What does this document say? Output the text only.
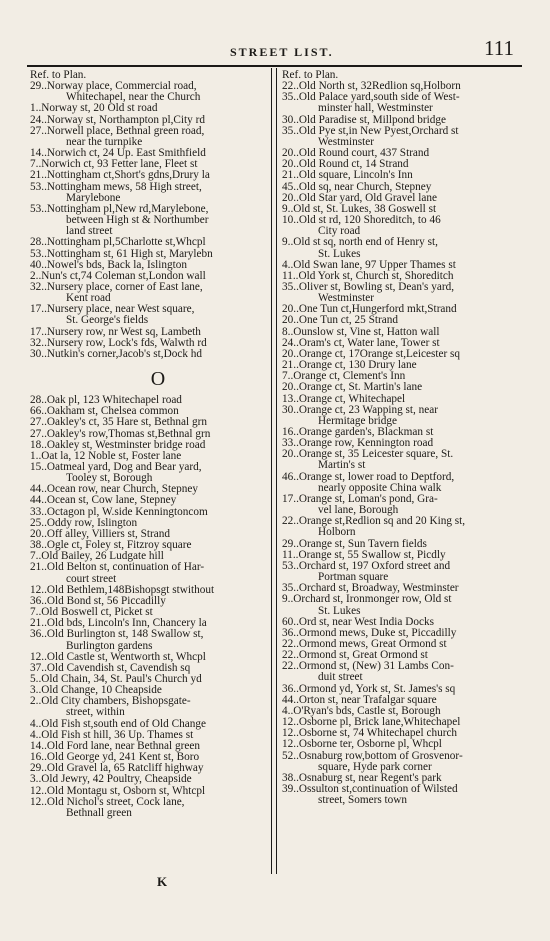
STREET LIST.	111
Ref. to Plan.
29..Norway place, Commercial road,
Whitechapel, near the Church
1..Norway st, 20 Old st road
24..Norway st, Northampton pl,City rd
27..Norwell place, Bethnal green road,
near the turnpike
14..Norwich ct, 24 Up. East Smithfield
7..Norwich ct, 93 Fetter lane, Fleet st
21..Nottingham ct,Short's gdns,Drury la
53..Nottingham mews, 58 High street,
Marylebone
53..Nottingham pl,New rd,Marylebone,
between High st & Northumber
land street
28..Nottingham pl,5Charlotte st,Whcpl
53..Nottingham st, 61 High st, Marylebn
40..Nowel's bds, Back la, Islington
2..Nun's ct,74 Coleman st,London wall
32..Nursery place, corner of East lane,
Kent road
17..Nursery place, near West square,
St. George's fields
17..Nursery row, nr West sq, Lambeth
32..Nursery row, Lock's fds, Walwth rd
30..Nutkin's corner,Jacob's st,Dock hd
O
28..Oak pl, 123 Whitechapel road
66..Oakham st, Chelsea common
27..Oakley's ct, 35 Hare st, Bethnal grn
27..Oakley's row,Thomas st,Bethnal grn
18..Oakley st, Westminster bridge road
1..Oat la, 12 Noble st, Foster lane
15..Oatmeal yard, Dog and Bear yard,
Tooley st, Borough
44..Ocean row, near Church, Stepney
44..Ocean st, Cow lane, Stepney
33..Octagon pl, W.side Kenningtoncom
25..Oddy row, Islington
20..Off alley, Villiers st, Strand
38..Ogle ct, Foley st, Fitzroy square
7..Old Bailey, 26 Ludgate hill
21..Old Belton st, continuation of Har-
court street
12..Old Bethlem,148Bishopsgt stwithout
36..Old Bond st, 56 Piccadilly
7..Old Boswell ct, Picket st
21..Old bds, Lincoln's Inn, Chancery la
36..Old Burlington st, 148 Swallow st,
Burlington gardens
12..Old Castle st, Wentworth st, Whcpl
37..Old Cavendish st, Cavendish sq
5..Old Chain, 34, St. Paul's Church yd
3..Old Change, 10 Cheapside
2..Old City chambers, Bishopsgate-
street, within
4..Old Fish st,south end of Old Change
4..Old Fish st hill, 36 Up. Thames st
14..Old Ford lane, near Bethnal green
16..Old George yd, 241 Kent st, Boro
29..Old Gravel la, 65 Ratcliff highway
3..Old Jewry, 42 Poultry, Cheapside
12..Old Montagu st, Osborn st, Whtcpl
12..Old Nichol's street, Cock lane,
Bethnall green
Ref. to Plan.
22..Old North st, 32Redlion sq,Holborn
35..Old Palace yard,south side of West-
minster hall, Westminster
30..Old Paradise st, Millpond bridge
35..Old Pye st,in New Pyest,Orchard st
Westminster
20..Old Round court, 437 Strand
20..Old Round ct, 14 Strand
21..Old square, Lincoln's Inn
45..Old sq, near Church, Stepney
20..Old Star yard, Old Gravel lane
9..Old st, St. Lukes, 38 Goswell st
10..Old st rd, 120 Shoreditch, to 46
City road
9..Old st sq, north end of Henry st,
St. Lukes
4..Old Swan lane, 97 Upper Thames st
11..Old York st, Church st, Shoreditch
35..Oliver st, Bowling st, Dean's yard,
Westminster
20..One Tun ct,Hungerford mkt,Strand
20..One Tun ct, 25 Strand
8..Ounslow st, Vine st, Hatton wall
24..Oram's ct, Water lane, Tower st
20..Orange ct, 17Orange st,Leicester sq
21..Orange ct, 130 Drury lane
7..Orange ct, Clement's Inn
20..Orange ct, St. Martin's lane
13..Orange ct, Whitechapel
30..Orange ct, 23 Wapping st, near
Hermitage bridge
16..Orange garden's, Blackman st
33..Orange row, Kennington road
20..Orange st, 35 Leicester square, St.
Martin's st
46..Orange st, lower road to Deptford,
nearly opposite China walk
17..Orange st, Loman's pond, Gra-
vel lane, Borough
22..Orange st,Redlion sq and 20 King st,
Holborn
29..Orange st, Sun Tavern fields
11..Orange st, 55 Swallow st, Picdly
53..Orchard st, 197 Oxford street and
Portman square
35..Orchard st, Broadway, Westminster
9..Orchard st, Ironmonger row, Old st
St. Lukes
60..Ord st, near West India Docks
36..Ormond mews, Duke st, Piccadilly
22..Ormond mews, Great Ormond st
22..Ormond st, Great Ormond st
22..Ormond st, (New) 31 Lambs Con-
duit street
36..Ormond yd, York st, St. James's sq
44..Orton st, near Trafalgar square
4..O'Ryan's bds, Castle st, Borough
12..Osborne pl, Brick lane,Whitechapel
12..Osborne st, 74 Whitechapel church
12..Osborne ter, Osborne pl, Whcpl
52..Osnaburg row,bottom of Grosvenor-
square, Hyde park corner
38..Osnaburg st, near Regent's park
39..Ossulton st,continuation of Wilsted
street, Somers town
K
